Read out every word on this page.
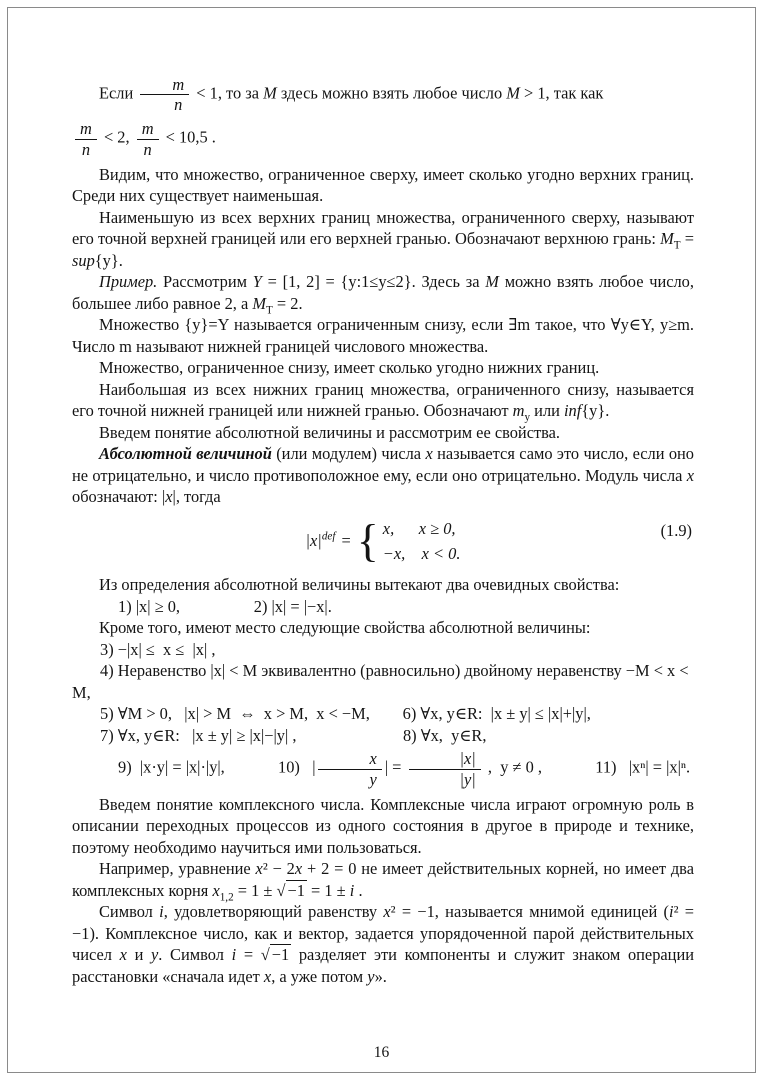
Если $\frac{m}{n} < 1$, то за M здесь можно взять любое число M > 1, так как

$\frac{m}{n} < 2$, $\frac{m}{n} < 10,5$ .

Видим, что множество, ограниченное сверху, имеет сколько угодно верхних границ. Среди них существует наименьшая.

Наименьшую из всех верхних границ множества, ограниченного сверху, называют его точной верхней границей или его верхней гранью. Обозначают верхнюю грань: $M_T = sup\{y\}$.

Пример. Рассмотрим Y = [1, 2] = {y:1≤y≤2}. Здесь за M можно взять любое число, большее либо равное 2, а $M_T = 2$.

Множество {y}=Y называется ограниченным снизу, если ∃m такое, что ∀y∈Y, y≥m. Число m называют нижней границей числового множества.

Множество, ограниченное снизу, имеет сколько угодно нижних границ.

Наибольшая из всех нижних границ множества, ограниченного снизу, называется его точной нижней границей или нижней гранью. Обозначают $m_y$ или inf{y}.

Введем понятие абсолютной величины и рассмотрим ее свойства.

Абсолютной величиной (или модулем) числа x называется само это число, если оно не отрицательно, и число противоположное ему, если оно отрицательно. Модуль числа x обозначают: |x|, тогда

$|x|^{def}$ = { x,      x ≥ 0,
−x,    x < 0.
(1.9)

Из определения абсолютной величины вытекают два очевидных свойства:

1) |x| ≥ 0,                  2) |x| = |−x|.

Кроме того, имеют место следующие свойства абсолютной величины:

3) −|x| ≤  x ≤  |x| ,

4) Неравенство |x| < M эквивалентно (равносильно) двойному неравенству −M < x < M,

5) ∀M > 0,   |x| > M  ⇔  x > M,  x < −M,        6) ∀x, y∈R:  |x ± y| ≤ |x|+|y|,

7) ∀x, y∈R:   |x ± y| ≥ |x|−|y| ,                          8) ∀x,  y∈R,

9)  |x·y| = |x|·|y|,             10)   | $\frac{x}{y}$ | = $\frac{|x|}{|y|}$ ,  y ≠ 0 ,             11)   |xⁿ| = |x|ⁿ.

Введем понятие комплексного числа. Комплексные числа играют огромную роль в описании переходных процессов из одного состояния в другое в природе и технике, поэтому необходимо научиться ими пользоваться.

Например, уравнение x² − 2x + 2 = 0 не имеет действительных корней, но имеет два комплексных корня $x_{1,2} = 1$ ± √ −1 = 1 ± i .

Символ i, удовлетворяющий равенству x² = −1, называется мнимой единицей (i² = −1). Комплексное число, как и вектор, задается упорядоченной парой действительных чисел x и y. Символ i = √ −1 разделяет эти компоненты и служит знаком операции расстановки «сначала идет x, а уже потом y».

16
